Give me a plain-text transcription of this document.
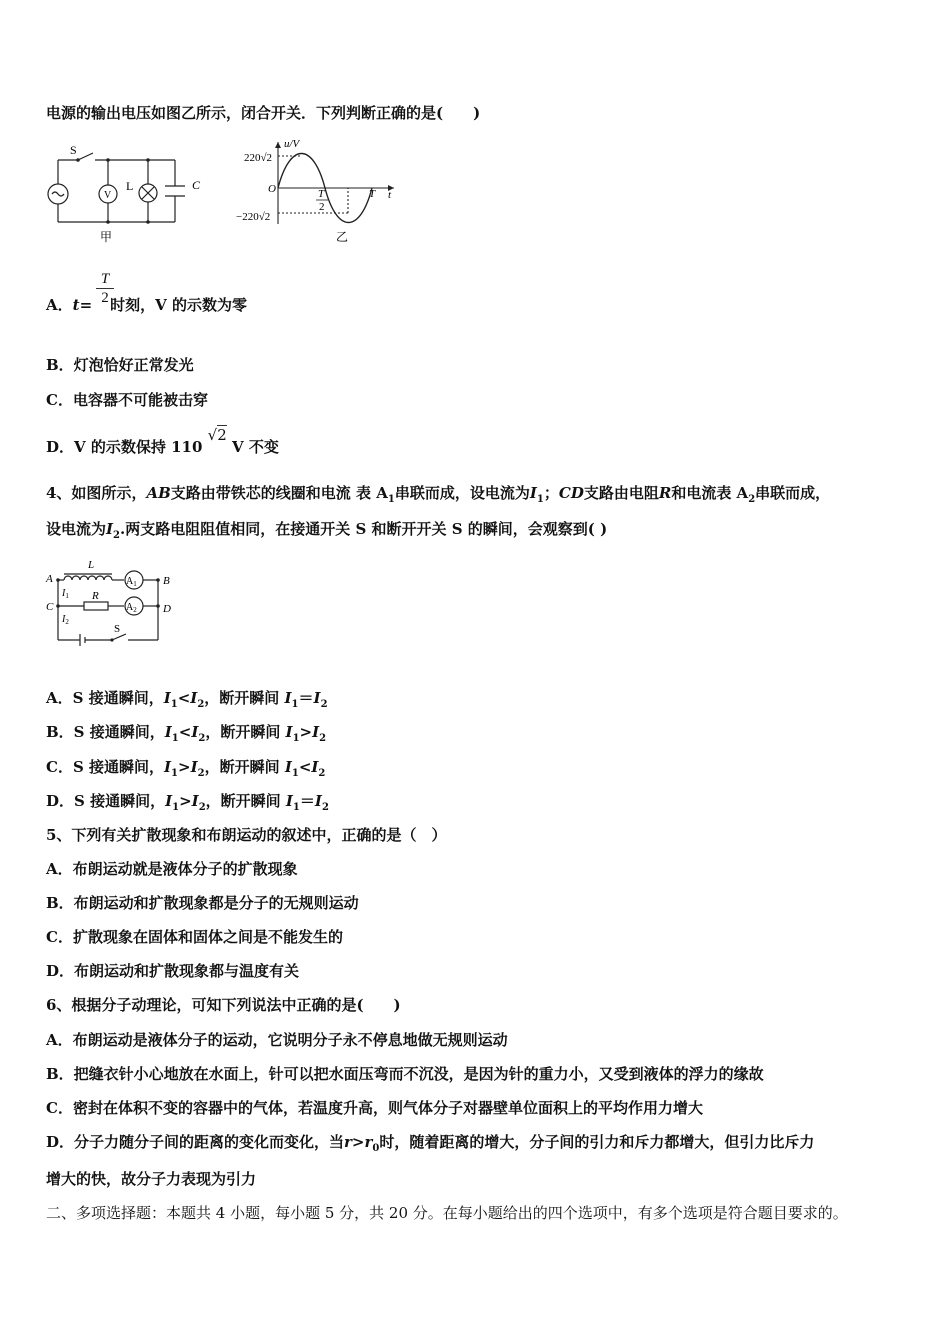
电源的输出电压如图乙所示，闭合开关．下列判断正确的是(　　)
S
V
L	C
甲
u/V
220√2
O	T
2
T t
−220√2
乙
A．t= 时刻，V 的示数为零
T
2
B．灯泡恰好正常发光
C．电容器不可能被击穿
D．V 的示数保持 110 √2 V 不变
4、如图所示，AB支路由带铁芯的线圈和电流 表 $A_1$串联而成，设电流为$I_1$；CD支路由电阻R和电流表 $A_2$串联而成，
设电流为$I_2$.两支路电阻阻值相同，在接通开关 S 和断开开关 S 的瞬间，会观察到( )
A	B
C	D
L
R
$A_1$
$A_2$
$I_1$
$I_2$
S
A．S 接通瞬间，$I_1<I_2$，断开瞬间 $I_1=I_2$
B．S 接通瞬间，$I_1<I_2$，断开瞬间 $I_1>I_2$
C．S 接通瞬间，$I_1>I_2$，断开瞬间 $I_1<I_2$
D．S 接通瞬间，$I_1>I_2$，断开瞬间 $I_1=I_2$
5、下列有关扩散现象和布朗运动的叙述中，正确的是（　）
A．布朗运动就是液体分子的扩散现象
B．布朗运动和扩散现象都是分子的无规则运动
C．扩散现象在固体和固体之间是不能发生的
D．布朗运动和扩散现象都与温度有关
6、根据分子动理论，可知下列说法中正确的是(　　)
A．布朗运动是液体分子的运动，它说明分子永不停息地做无规则运动
B．把缝衣针小心地放在水面上，针可以把水面压弯而不沉没，是因为针的重力小，又受到液体的浮力的缘故
C．密封在体积不变的容器中的气体，若温度升高，则气体分子对器壁单位面积上的平均作用力增大
D．分子力随分子间的距离的变化而变化，当$r>r_0$时，随着距离的增大，分子间的引力和斥力都增大，但引力比斥力
增大的快，故分子力表现为引力
二、多项选择题：本题共 4 小题，每小题 5 分，共 20 分。在每小题给出的四个选项中，有多个选项是符合题目要求的。
